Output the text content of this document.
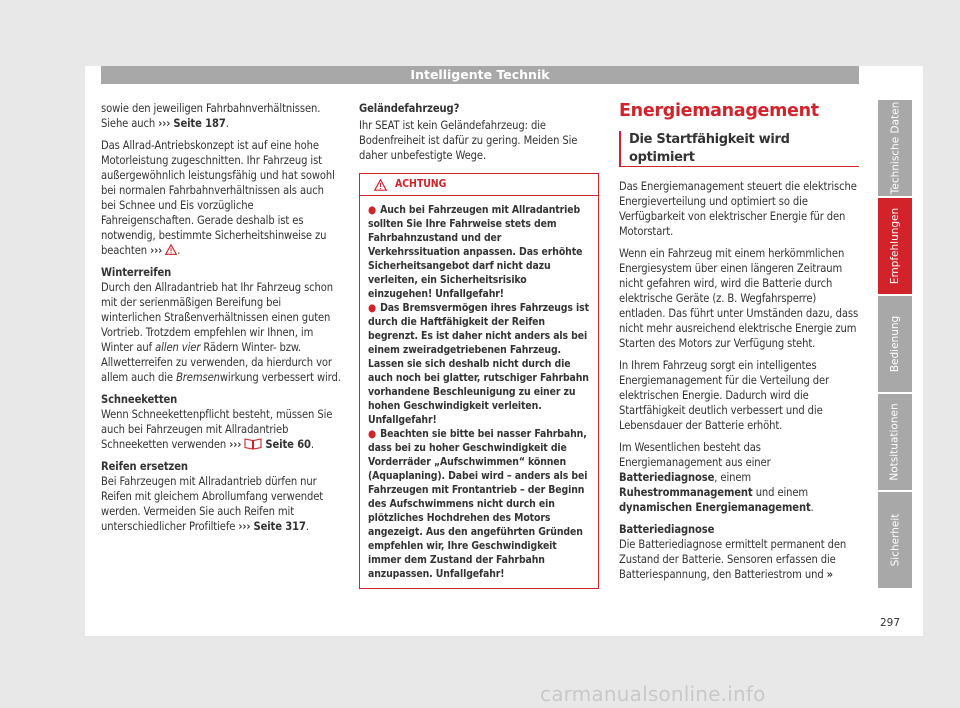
Intelligente Technik

sowie den jeweiligen Fahrbahnverhältnissen. Siehe auch ››› Seite 187.

Das Allrad-Antriebskonzept ist auf eine hohe Motorleistung zugeschnitten. Ihr Fahrzeug ist außergewöhnlich leistungsfähig und hat sowohl bei normalen Fahrbahnverhältnissen als auch bei Schnee und Eis vorzügliche Fahreigenschaften. Gerade deshalb ist es notwendig, bestimmte Sicherheitshinweise zu beachten ››› .

Winterreifen

Durch den Allradantrieb hat Ihr Fahrzeug schon mit der serienmäßigen Bereifung bei winterlichen Straßenverhältnissen einen guten Vortrieb. Trotzdem empfehlen wir Ihnen, im Winter auf allen vier Rädern Winter- bzw. Allwetterreifen zu verwenden, da hierdurch vor allem auch die Bremsenwirkung verbessert wird.

Schneeketten

Wenn Schneekettenpflicht besteht, müssen Sie auch bei Fahrzeugen mit Allradantrieb Schneeketten verwenden ››› Seite 60.

Reifen ersetzen

Bei Fahrzeugen mit Allradantrieb dürfen nur Reifen mit gleichem Abrollumfang verwendet werden. Vermeiden Sie auch Reifen mit unterschiedlicher Profiltiefe ››› Seite 317.

Geländefahrzeug?

Ihr SEAT ist kein Geländefahrzeug: die Bodenfreiheit ist dafür zu gering. Meiden Sie daher unbefestigte Wege.

ACHTUNG
● Auch bei Fahrzeugen mit Allradantrieb sollten Sie Ihre Fahrweise stets dem Fahrbahnzustand und der Verkehrssituation anpassen. Das erhöhte Sicherheitsangebot darf nicht dazu verleiten, ein Sicherheitsrisiko einzugehen! Unfallgefahr!
● Das Bremsvermögen ihres Fahrzeugs ist durch die Haftfähigkeit der Reifen begrenzt. Es ist daher nicht anders als bei einem zweiradgetriebenen Fahrzeug. Lassen sie sich deshalb nicht durch die auch noch bei glatter, rutschiger Fahrbahn vorhandene Beschleunigung zu einer zu hohen Geschwindigkeit verleiten. Unfallgefahr!
● Beachten sie bitte bei nasser Fahrbahn, dass bei zu hoher Geschwindigkeit die Vorderräder „Aufschwimmen“ können (Aquaplaning). Dabei wird – anders als bei Fahrzeugen mit Frontantrieb – der Beginn des Aufschwimmens nicht durch ein plötzliches Hochdrehen des Motors angezeigt. Aus den angeführten Gründen empfehlen wir, Ihre Geschwindigkeit immer dem Zustand der Fahrbahn anzupassen. Unfallgefahr!
Energiemanagement
Die Startfähigkeit wird optimiert

Das Energiemanagement steuert die elektrische Energieverteilung und optimiert so die Verfügbarkeit von elektrischer Energie für den Motorstart.

Wenn ein Fahrzeug mit einem herkömmlichen Energiesystem über einen längeren Zeitraum nicht gefahren wird, wird die Batterie durch elektrische Geräte (z. B. Wegfahrsperre) entladen. Das führt unter Umständen dazu, dass nicht mehr ausreichend elektrische Energie zum Starten des Motors zur Verfügung steht.

In Ihrem Fahrzeug sorgt ein intelligentes Energiemanagement für die Verteilung der elektrischen Energie. Dadurch wird die Startfähigkeit deutlich verbessert und die Lebensdauer der Batterie erhöht.

Im Wesentlichen besteht das Energiemanagement aus einer Batteriediagnose, einem Ruhestrommanagement und einem dynamischen Energiemanagement.

Batteriediagnose

Die Batteriediagnose ermittelt permanent den Zustand der Batterie. Sensoren erfassen die Batteriespannung, den Batteriestrom und »

Technische Daten
Empfehlungen
Bedienung
Notsituationen
Sicherheit
297
carmanualsonline.info
